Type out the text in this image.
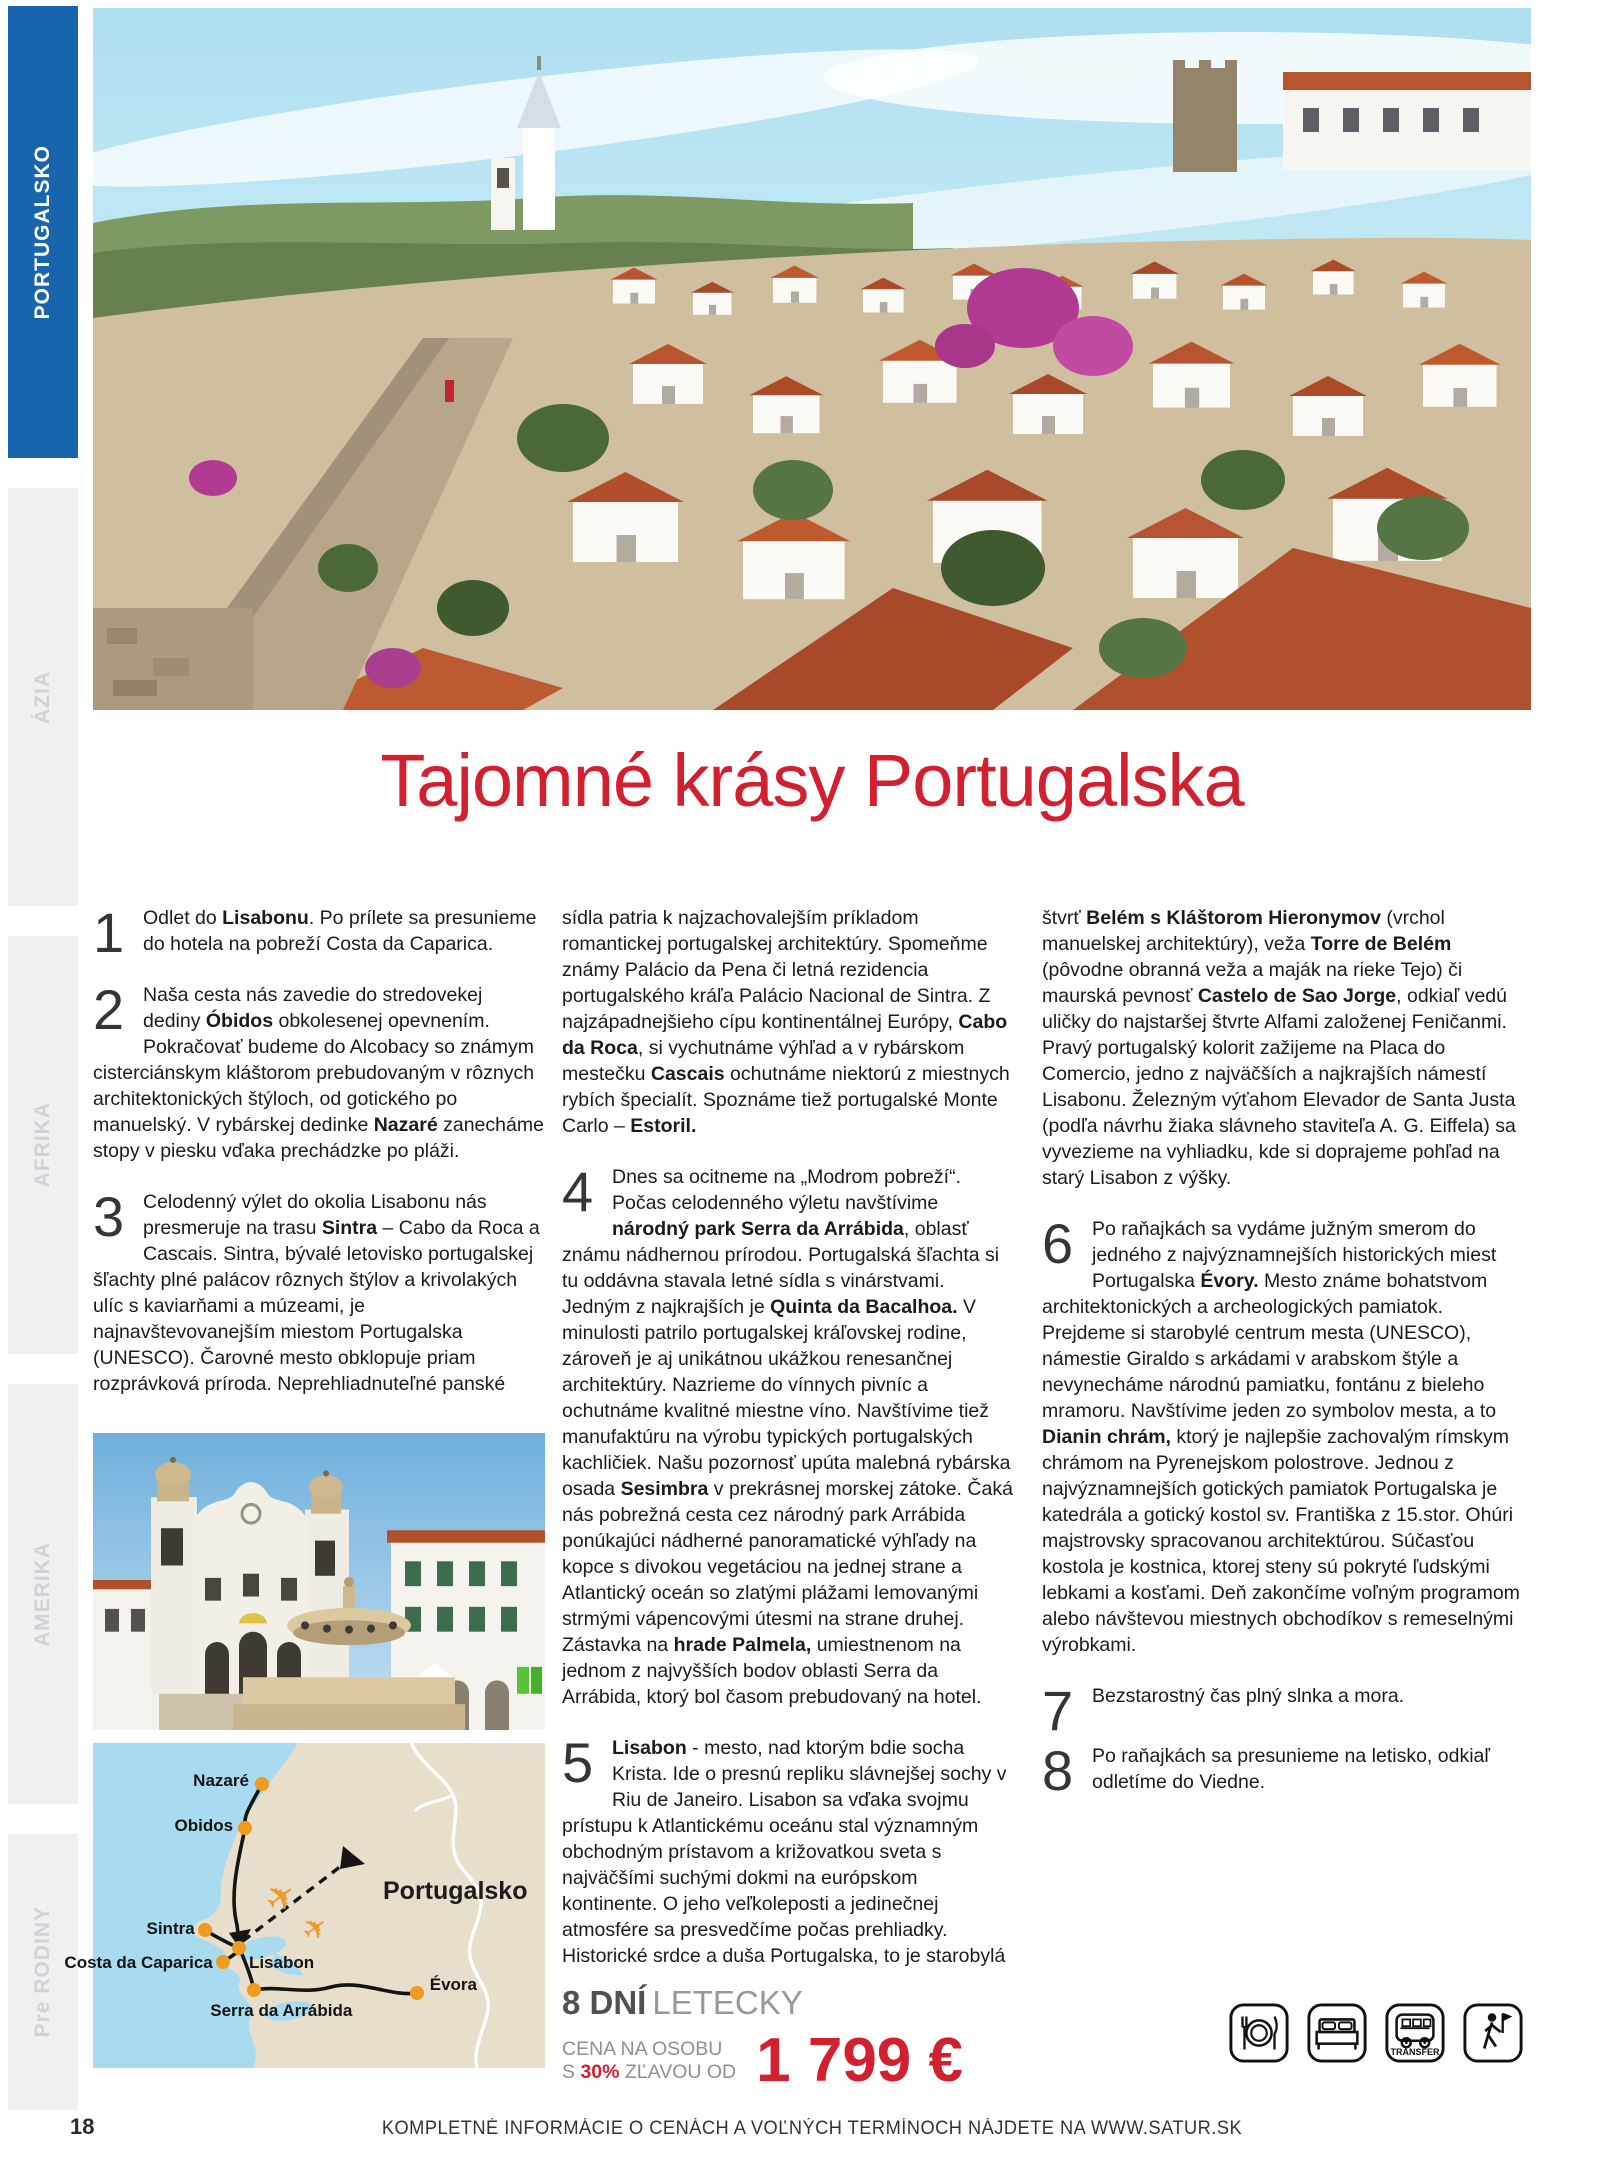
PORTUGALSKO
ÁZIA
AFRIKA
AMERIKA
Pre RODINY
Tajomné krásy Portugalska
1 Odlet do Lisabonu. Po prílete sa presunieme do hotela na pobreží Costa da Caparica.
2 Naša cesta nás zavedie do stredovekej dediny Óbidos obkolesenej opevnením. Pokračovať budeme do Alcobacy so známym cisterciánskym kláštorom prebudovaným v rôznych architektonických štýloch, od gotického po manuelský. V rybárskej dedinke Nazaré zanecháme stopy v piesku vďaka prechádzke po pláži.
3 Celodenný výlet do okolia Lisabonu nás presmeruje na trasu Sintra – Cabo da Roca a Cascais. Sintra, bývalé letovisko portugalskej šľachty plné palácov rôznych štýlov a krivolakých ulíc s kaviarňami a múzeami, je najnavštevovanejším miestom Portugalska (UNESCO). Čarovné mesto obklopuje priam rozprávková príroda. Neprehliadnuteľné panské
sídla patria k najzachovalejším príkladom romantickej portugalskej architektúry. Spomeňme známy Palácio da Pena či letná rezidencia portugalského kráľa Palácio Nacional de Sintra. Z najzápadnejšieho cípu kontinentálnej Európy, Cabo da Roca, si vychutnáme výhľad a v rybárskom mestečku Cascais ochutnáme niektorú z miestnych rybích špecialít. Spoznáme tiež portugalské Monte Carlo – Estoril.
4 Dnes sa ocitneme na „Modrom pobreží“. Počas celodenného výletu navštívime národný park Serra da Arrábida, oblasť známu nádhernou prírodou. Portugalská šľachta si tu oddávna stavala letné sídla s vinárstvami. Jedným z najkrajších je Quinta da Bacalhoa. V minulosti patrilo portugalskej kráľovskej rodine, zároveň je aj unikátnou ukážkou renesančnej architektúry. Nazrieme do vínnych pivníc a ochutnáme kvalitné miestne víno. Navštívime tiež manufaktúru na výrobu typických portugalských kachličiek. Našu pozornosť upúta malebná rybárska osada Sesimbra v prekrásnej morskej zátoke. Čaká nás pobrežná cesta cez národný park Arrábida ponúkajúci nádherné panoramatické výhľady na kopce s divokou vegetáciou na jednej strane a Atlantický oceán so zlatými plážami lemovanými strmými vápencovými útesmi na strane druhej. Zástavka na hrade Palmela, umiestnenom na jednom z najvyšších bodov oblasti Serra da Arrábida, ktorý bol časom prebudovaný na hotel.
5 Lisabon - mesto, nad ktorým bdie socha Krista. Ide o presnú repliku slávnejšej sochy v Riu de Janeiro. Lisabon sa vďaka svojmu prístupu k Atlantickému oceánu stal významným obchodným prístavom a križovatkou sveta s najväčšími suchými dokmi na európskom kontinente. O jeho veľkoleposti a jedinečnej atmosfére sa presvedčíme počas prehliadky. Historické srdce a duša Portugalska, to je starobylá
štvrť Belém s Kláštorom Hieronymov (vrchol manuelskej architektúry), veža Torre de Belém (pôvodne obranná veža a maják na rieke Tejo) či maurská pevnosť Castelo de Sao Jorge, odkiaľ vedú uličky do najstaršej štvrte Alfami založenej Feničanmi. Pravý portugalský kolorit zažijeme na Placa do Comercio, jedno z najväčších a najkrajších námestí Lisabonu. Železným výťahom Elevador de Santa Justa (podľa návrhu žiaka slávneho staviteľa A. G. Eiffela) sa vyvezieme na vyhliadku, kde si doprajeme pohľad na starý Lisabon z výšky.
6 Po raňajkách sa vydáme južným smerom do jedného z najvýznamnejších historických miest Portugalska Évory. Mesto známe bohatstvom architektonických a archeologických pamiatok. Prejdeme si starobylé centrum mesta (UNESCO), námestie Giraldo s arkádami v arabskom štýle a nevynecháme národnú pamiatku, fontánu z bieleho mramoru. Navštívime jeden zo symbolov mesta, a to Dianin chrám, ktorý je najlepšie zachovalým rímskym chrámom na Pyrenejskom polostrove. Jednou z najvýznamnejších gotických pamiatok Portugalska je katedrála a gotický kostol sv. Františka z 15.stor. Ohúri majstrovsky spracovanou architektúrou. Súčasťou kostola je kostnica, ktorej steny sú pokryté ľudskými lebkami a kosťami. Deň zakončíme voľným programom alebo návštevou miestnych obchodíkov s remeselnými výrobkami.
7 Bezstarostný čas plný slnka a mora.
8 Po raňajkách sa presunieme na letisko, odkiaľ odletíme do Viedne.
✈
✈
Portugalsko
Nazaré
Obidos
Sintra
Lisabon
Costa da Caparica
Serra da Arrábida
Évora	8 DNÍ LETECKY
CENA NA OSOBU
S 30% ZĽAVOU OD 1 799 €	TRANSFER
18	KOMPLETNÉ INFORMÁCIE O CENÁCH A VOĽNÝCH TERMÍNOCH NÁJDETE NA WWW.SATUR.SK
